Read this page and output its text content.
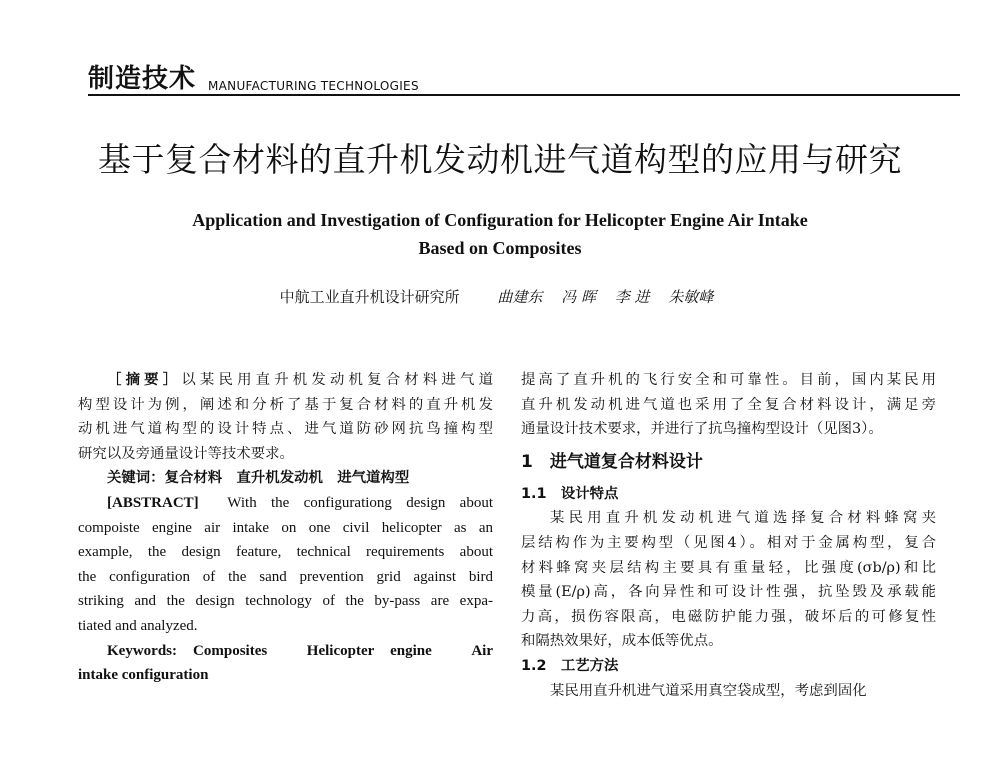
制造技术 MANUFACTURING TECHNOLOGIES
基于复合材料的直升机发动机进气道构型的应用与研究
Application and Investigation of Configuration for Helicopter Engine Air Intake
Based on Composites
中航工业直升机设计研究所	曲建东 冯 晖 李 进 朱敏峰
［摘要］以某民用直升机发动机复合材料进气道
构型设计为例，阐述和分析了基于复合材料的直升机发
动机进气道构型的设计特点、进气道防砂网抗鸟撞构型
研究以及旁通量设计等技术要求。
关键词：复合材料　直升机发动机　进气道构型
[ABSTRACT] With the configurationg design about
compoiste engine air intake on one civil helicopter as an
example, the design feature, technical requirements about
the configuration of the sand prevention grid against bird
striking and the design technology of the by-pass are expa-
tiated and analyzed.
Keywords: Composites　Helicopter engine　Air
intake configuration
提高了直升机的飞行安全和可靠性。目前，国内某民用
直升机发动机进气道也采用了全复合材料设计，满足旁
通量设计技术要求，并进行了抗鸟撞构型设计（见图3）。
1　进气道复合材料设计
1.1　设计特点
某民用直升机发动机进气道选择复合材料蜂窝夹
层结构作为主要构型（见图4）。相对于金属构型，复合
材料蜂窝夹层结构主要具有重量轻，比强度(σb/ρ)和比
模量(E/ρ)高，各向异性和可设计性强，抗坠毁及承载能
力高，损伤容限高，电磁防护能力强，破坏后的可修复性
和隔热效果好，成本低等优点。
1.2　工艺方法
某民用直升机进气道采用真空袋成型，考虑到固化
